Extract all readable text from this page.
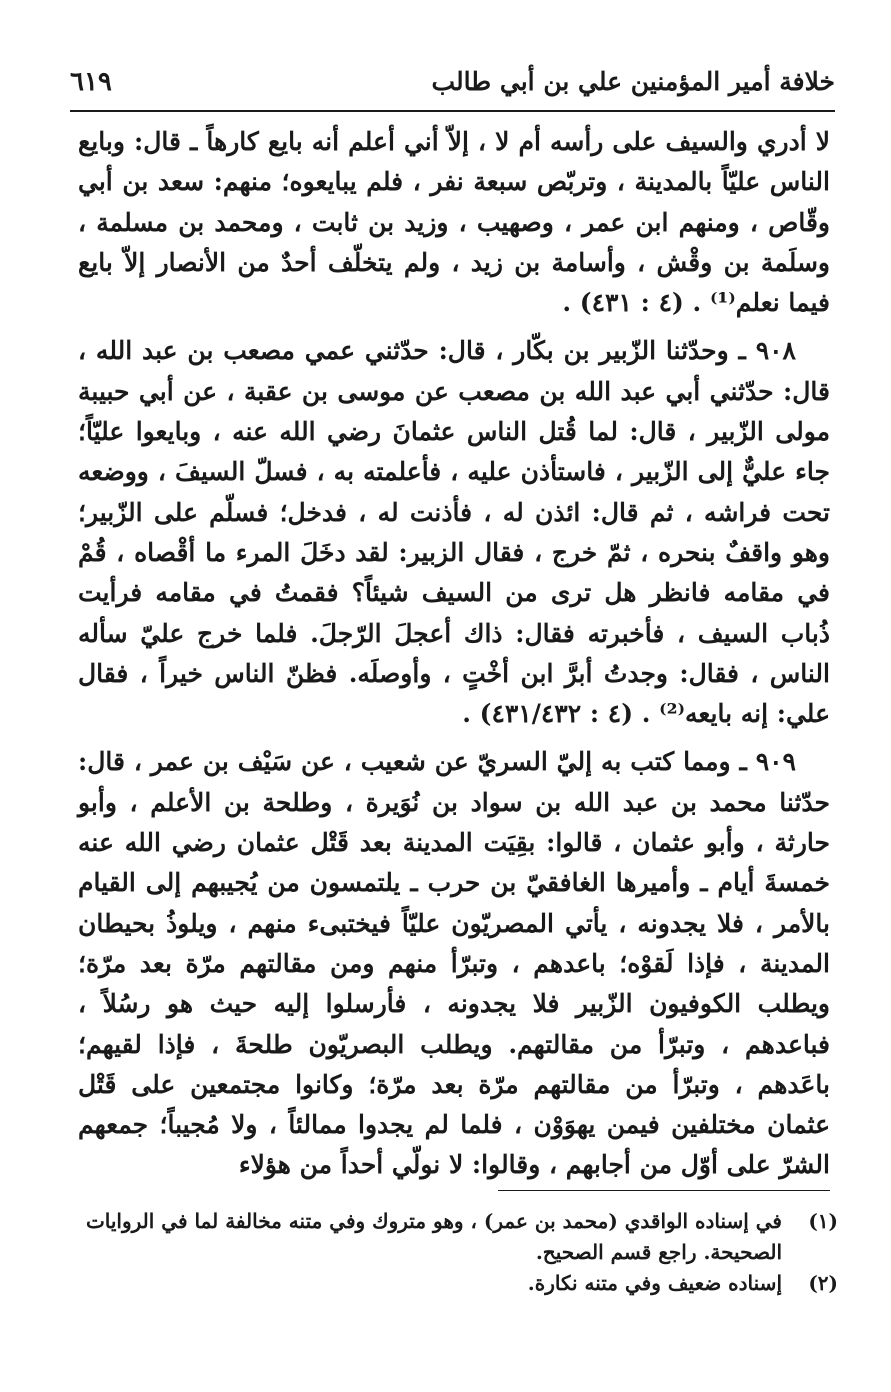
خلافة أمير المؤمنين علي بن أبي طالب
٦١٩

لا أدري والسيف على رأسه أم لا ، إلاّ أني أعلم أنه بايع كارهاً ـ قال: وبايع الناس عليّاً بالمدينة ، وتربّص سبعة نفر ، فلم يبايعوه؛ منهم: سعد بن أبي وقّاص ، ومنهم ابن عمر ، وصهيب ، وزيد بن ثابت ، ومحمد بن مسلمة ، وسلَمة بن وقْش ، وأسامة بن زيد ، ولم يتخلّف أحدٌ من الأنصار إلاّ بايع فيما نعلم⁽¹⁾ . (٤ : ٤٣١) .

٩٠٨ ـ وحدّثنا الزّبير بن بكّار ، قال: حدّثني عمي مصعب بن عبد الله ، قال: حدّثني أبي عبد الله بن مصعب عن موسى بن عقبة ، عن أبي حبيبة مولى الزّبير ، قال: لما قُتل الناس عثمانَ رضي الله عنه ، وبايعوا عليّاً؛ جاء عليٌّ إلى الزّبير ، فاستأذن عليه ، فأعلمته به ، فسلّ السيفَ ، ووضعه تحت فراشه ، ثم قال: ائذن له ، فأذنت له ، فدخل؛ فسلّم على الزّبير؛ وهو واقفٌ بنحره ، ثمّ خرج ، فقال الزبير: لقد دخَلَ المرء ما أقْصاه ، قُمْ في مقامه فانظر هل ترى من السيف شيئاً؟ فقمتُ في مقامه فرأيت ذُباب السيف ، فأخبرته فقال: ذاك أعجلَ الرّجلَ. فلما خرج عليّ سأله الناس ، فقال: وجدتُ أبرَّ ابن أخْتٍ ، وأوصلَه. فظنّ الناس خيراً ، فقال علي: إنه بايعه⁽²⁾ . (٤ : ٤٣١/٤٣٢) .

٩٠٩ ـ ومما كتب به إليّ السريّ عن شعيب ، عن سَيْف بن عمر ، قال: حدّثنا محمد بن عبد الله بن سواد بن نُوَيرة ، وطلحة بن الأعلم ، وأبو حارثة ، وأبو عثمان ، قالوا: بقِيَت المدينة بعد قَتْل عثمان رضي الله عنه خمسةَ أيام ـ وأميرها الغافقيّ بن حرب ـ يلتمسون من يُجيبهم إلى القيام بالأمر ، فلا يجدونه ، يأتي المصريّون عليّاً فيختبىء منهم ، ويلوذُ بحيطان المدينة ، فإذا لَقوْه؛ باعدهم ، وتبرّأ منهم ومن مقالتهم مرّة بعد مرّة؛ ويطلب الكوفيون الزّبير فلا يجدونه ، فأرسلوا إليه حيث هو رسُلاً ، فباعدهم ، وتبرّأ من مقالتهم. ويطلب البصريّون طلحةَ ، فإذا لقيهم؛ باعَدهم ، وتبرّأ من مقالتهم مرّة بعد مرّة؛ وكانوا مجتمعين على قَتْل عثمان مختلفين فيمن يهوَوْن ، فلما لم يجدوا ممالئاً ، ولا مُجيباً؛ جمعهم الشرّ على أوّل من أجابهم ، وقالوا: لا نولّي أحداً من هؤلاء

(١)
في إسناده الواقدي (محمد بن عمر) ، وهو متروك وفي متنه مخالفة لما في الروايات الصحيحة. راجع قسم الصحيح.
(٢)
إسناده ضعيف وفي متنه نكارة.
